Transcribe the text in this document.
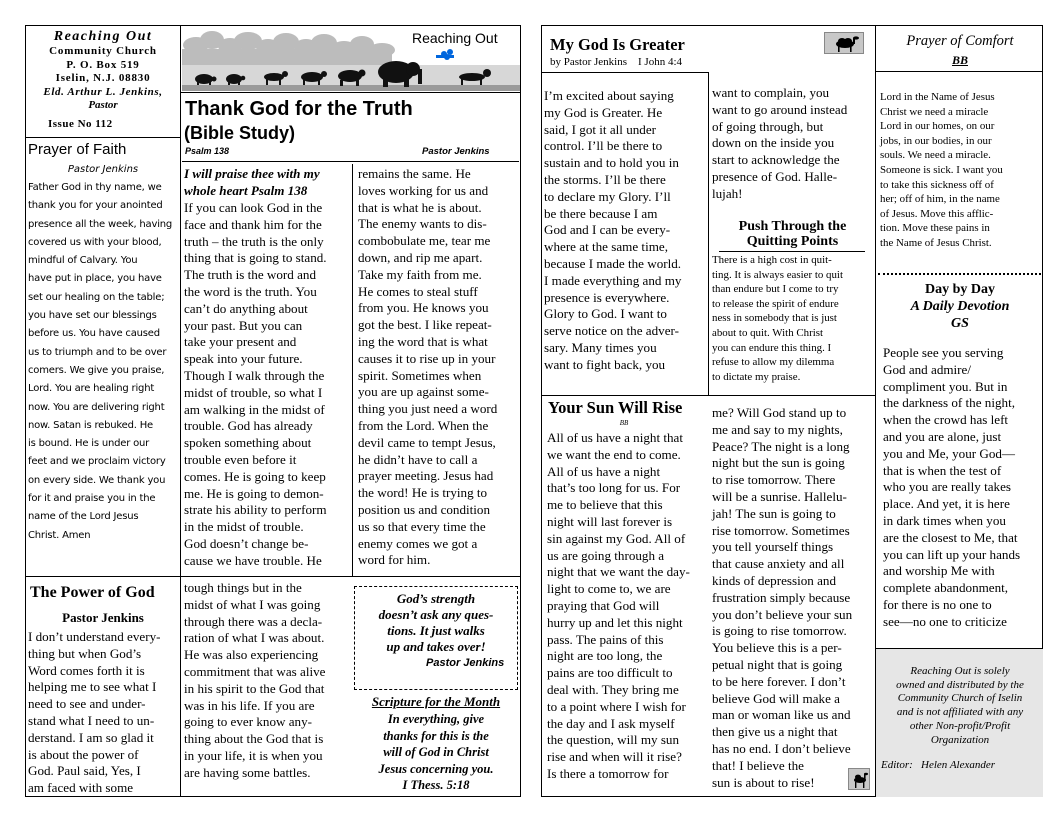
Reaching Out
Community Church
P. O. Box 519
Iselin, N.J. 08830
Eld. Arthur L. Jenkins,
Pastor
Issue No 112
Reaching Out
Prayer of Faith
Pastor Jenkins
Father God in thy name, we
thank you for your anointed
presence all the week, having
covered us with your blood,
mindful of Calvary. You
have put in place, you have
set our healing on the table;
you have set our blessings
before us. You have caused
us to triumph and to be over
comers. We give you praise,
Lord. You are healing right
now. You are delivering right
now. Satan is rebuked. He
is bound. He is under our
feet and we proclaim victory
on every side. We thank you
for it and praise you in the
name of the Lord Jesus
Christ. Amen
Thank God for the Truth
(Bible Study)
Psalm 138	Pastor Jenkins
I will praise thee with my
whole heart Psalm 138
If you can look God in the
face and thank him for the
truth – the truth is the only
thing that is going to stand.
The truth is the word and
the word is the truth. You
can’t do anything about
your past. But you can
take your present and
speak into your future.
Though I walk through the
midst of trouble, so what I
am walking in the midst of
trouble. God has already
spoken something about
trouble even before it
comes. He is going to keep
me. He is going to demon-
strate his ability to perform
in the midst of trouble.
God doesn’t change be-
cause we have trouble. He
remains the same. He
loves working for us and
that is what he is about.
The enemy wants to dis-
combobulate me, tear me
down, and rip me apart.
Take my faith from me.
He comes to steal stuff
from you. He knows you
got the best. I like repeat-
ing the word that is what
causes it to rise up in your
spirit. Sometimes when
you are up against some-
thing you just need a word
from the Lord. When the
devil came to tempt Jesus,
he didn’t have to call a
prayer meeting. Jesus had
the word! He is trying to
position us and condition
us so that every time the
enemy comes we got a
word for him.
The Power of God
Pastor Jenkins
I don’t understand every-
thing but when God’s
Word comes forth it is
helping me to see what I
need to see and under-
stand what I need to un-
derstand. I am so glad it
is about the power of
God. Paul said, Yes, I
am faced with some
tough things but in the
midst of what I was going
through there was a decla-
ration of what I was about.
He was also experiencing
commitment that was alive
in his spirit to the God that
was in his life. If you are
going to ever know any-
thing about the God that is
in your life, it is when you
are having some battles.
God’s strength
doesn’t ask any ques-
tions. It just walks
up and takes over!
Pastor Jenkins
Scripture for the Month
In everything, give
thanks for this is the
will of God in Christ
Jesus concerning you.
I Thess. 5:18
My God Is Greater
by Pastor Jenkins    I John 4:4
I’m excited about saying
my God is Greater. He
said, I got it all under
control. I’ll be there to
sustain and to hold you in
the storms. I’ll be there
to declare my Glory. I’ll
be there because I am
God and I can be every-
where at the same time,
because I made the world.
I made everything and my
presence is everywhere.
Glory to God. I want to
serve notice on the adver-
sary. Many times you
want to fight back, you
want to complain, you
want to go around instead
of going through, but
down on the inside you
start to acknowledge the
presence of God. Halle-
lujah!
Push Through the
Quitting Points
There is a high cost in quit-
ting. It is always easier to quit
than endure but I come to try
to release the spirit of endure
ness in somebody that is just
about to quit. With Christ
you can endure this thing. I
refuse to allow my dilemma
to dictate my praise.
Your Sun Will Rise
BB
All of us have a night that
we want the end to come.
All of us have a night
that’s too long for us. For
me to believe that this
night will last forever is
sin against my God. All of
us are going through a
night that we want the day-
light to come to, we are
praying that God will
hurry up and let this night
pass. The pains of this
night are too long, the
pains are too difficult to
deal with. They bring me
to a point where I wish for
the day and I ask myself
the question, will my sun
rise and when will it rise?
Is there a tomorrow for
me? Will God stand up to
me and say to my nights,
Peace? The night is a long
night but the sun is going
to rise tomorrow. There
will be a sunrise. Hallelu-
jah! The sun is going to
rise tomorrow. Sometimes
you tell yourself things
that cause anxiety and all
kinds of depression and
frustration simply because
you don’t believe your sun
is going to rise tomorrow.
You believe this is a per-
petual night that is going
to be here forever. I don’t
believe God will make a
man or woman like us and
then give us a night that
has no end. I don’t believe
that! I believe the
sun is about to rise!
Prayer of Comfort
BB
Lord in the Name of Jesus
Christ we need a miracle
Lord in our homes, on our
jobs, in our bodies, in our
souls. We need a miracle.
Someone is sick. I want you
to take this sickness off of
her; off of him, in the name
of Jesus. Move this afflic-
tion. Move these pains in
the Name of Jesus Christ.
Day by Day
A Daily Devotion
GS
People see you serving
God and admire/
compliment you. But in
the darkness of the night,
when the crowd has left
and you are alone, just
you and Me, your God—
that is when the test of
who you are really takes
place. And yet, it is here
in dark times when you
are the closest to Me, that
you can lift up your hands
and worship Me with
complete abandonment,
for there is no one to
see—no one to criticize
Reaching Out is solely
owned and distributed by the
Community Church of Iselin
and is not affiliated with any
other Non-profit/Profit
Organization
Editor:   Helen Alexander
